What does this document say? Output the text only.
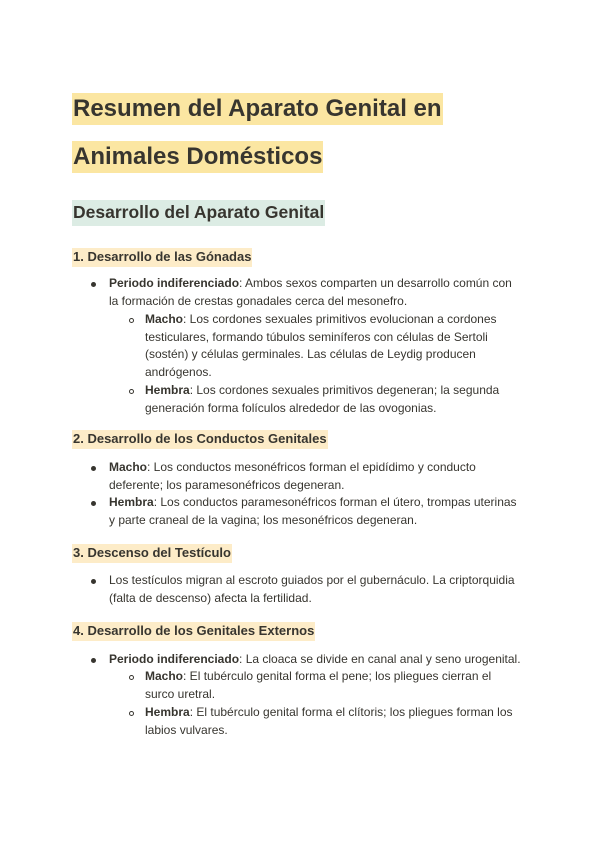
Resumen del Aparato Genital en
Animales Domésticos
Desarrollo del Aparato Genital
1. Desarrollo de las Gónadas

Periodo indiferenciado: Ambos sexos comparten un desarrollo común con
la formación de crestas gonadales cerca del mesonefro.

Macho: Los cordones sexuales primitivos evolucionan a cordones
testiculares, formando túbulos seminíferos con células de Sertoli
(sostén) y células germinales. Las células de Leydig producen
andrógenos.

Hembra: Los cordones sexuales primitivos degeneran; la segunda
generación forma folículos alrededor de las ovogonias.

2. Desarrollo de los Conductos Genitales

Macho: Los conductos mesonéfricos forman el epidídimo y conducto
deferente; los paramesonéfricos degeneran.

Hembra: Los conductos paramesonéfricos forman el útero, trompas uterinas
y parte craneal de la vagina; los mesonéfricos degeneran.

3. Descenso del Testículo

Los testículos migran al escroto guiados por el gubernáculo. La criptorquidia
(falta de descenso) afecta la fertilidad.

4. Desarrollo de los Genitales Externos

Periodo indiferenciado: La cloaca se divide en canal anal y seno urogenital.

Macho: El tubérculo genital forma el pene; los pliegues cierran el
surco uretral.

Hembra: El tubérculo genital forma el clítoris; los pliegues forman los
labios vulvares.
